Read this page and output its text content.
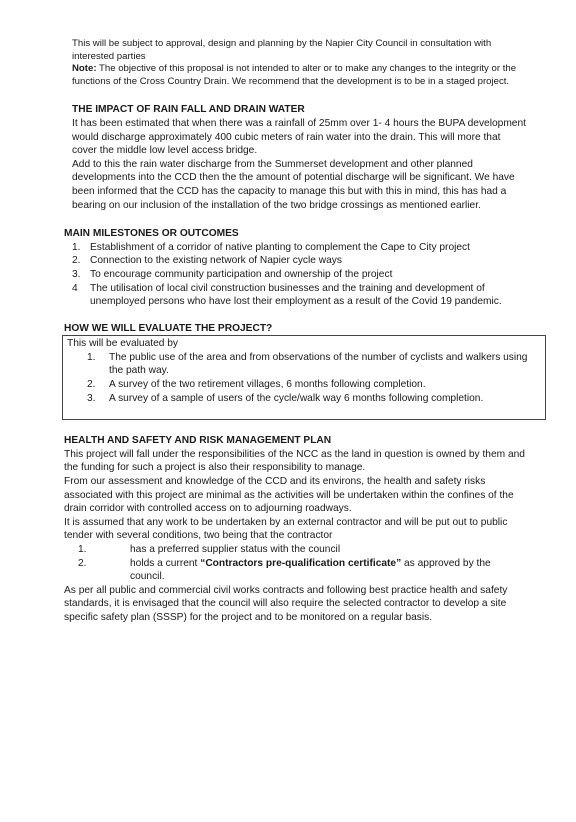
This will be subject to approval, design and planning by the Napier City Council in consultation with interested parties

Note: The objective of this proposal is not intended to alter or to make any changes to the integrity or the functions of the Cross Country Drain. We recommend that the development is to be in a staged project.

THE IMPACT OF RAIN FALL AND DRAIN WATER

It has been estimated that when there was a rainfall of 25mm over 1- 4 hours the BUPA development would discharge approximately 400 cubic meters of rain water into the drain. This will more that cover the middle low level access bridge.

Add to this the rain water discharge from the Summerset development and other planned developments into the CCD then the the amount of potential discharge will be significant. We have been informed that the CCD has the capacity to manage this but with this in mind, this has had a bearing on our inclusion of the installation of the two bridge crossings as mentioned earlier.

MAIN MILESTONES OR OUTCOMES
1. Establishment of a corridor of native planting to complement the Cape to City project
2. Connection to the existing network of Napier cycle ways
3. To encourage community participation and ownership of the project
4 The utilisation of local civil construction businesses and the training and development of unemployed persons who have lost their employment as a result of the Covid 19 pandemic.
HOW WE WILL EVALUATE THE PROJECT?

This will be evaluated by

1. The public use of the area and from observations of the number of cyclists and walkers using the path way.
2. A survey of the two retirement villages, 6 months following completion.
3. A survey of a sample of users of the cycle/walk way 6 months following completion.
HEALTH AND SAFETY AND RISK MANAGEMENT PLAN

This project will fall under the responsibilities of the NCC as the land in question is owned by them and the funding for such a project is also their responsibility to manage.

From our assessment and knowledge of the CCD and its environs, the health and safety risks associated with this project are minimal as the activities will be undertaken within the confines of the drain corridor with controlled access on to adjourning roadways.

It is assumed that any work to be undertaken by an external contractor and will be put out to public tender with several conditions, two being that the contractor

1.	has a preferred supplier status with the council
2.	holds a current “Contractors pre-qualification certificate” as approved by the council.

As per all public and commercial civil works contracts and following best practice health and safety standards, it is envisaged that the council will also require the selected contractor to develop a site specific safety plan (SSSP) for the project and to be monitored on a regular basis.
